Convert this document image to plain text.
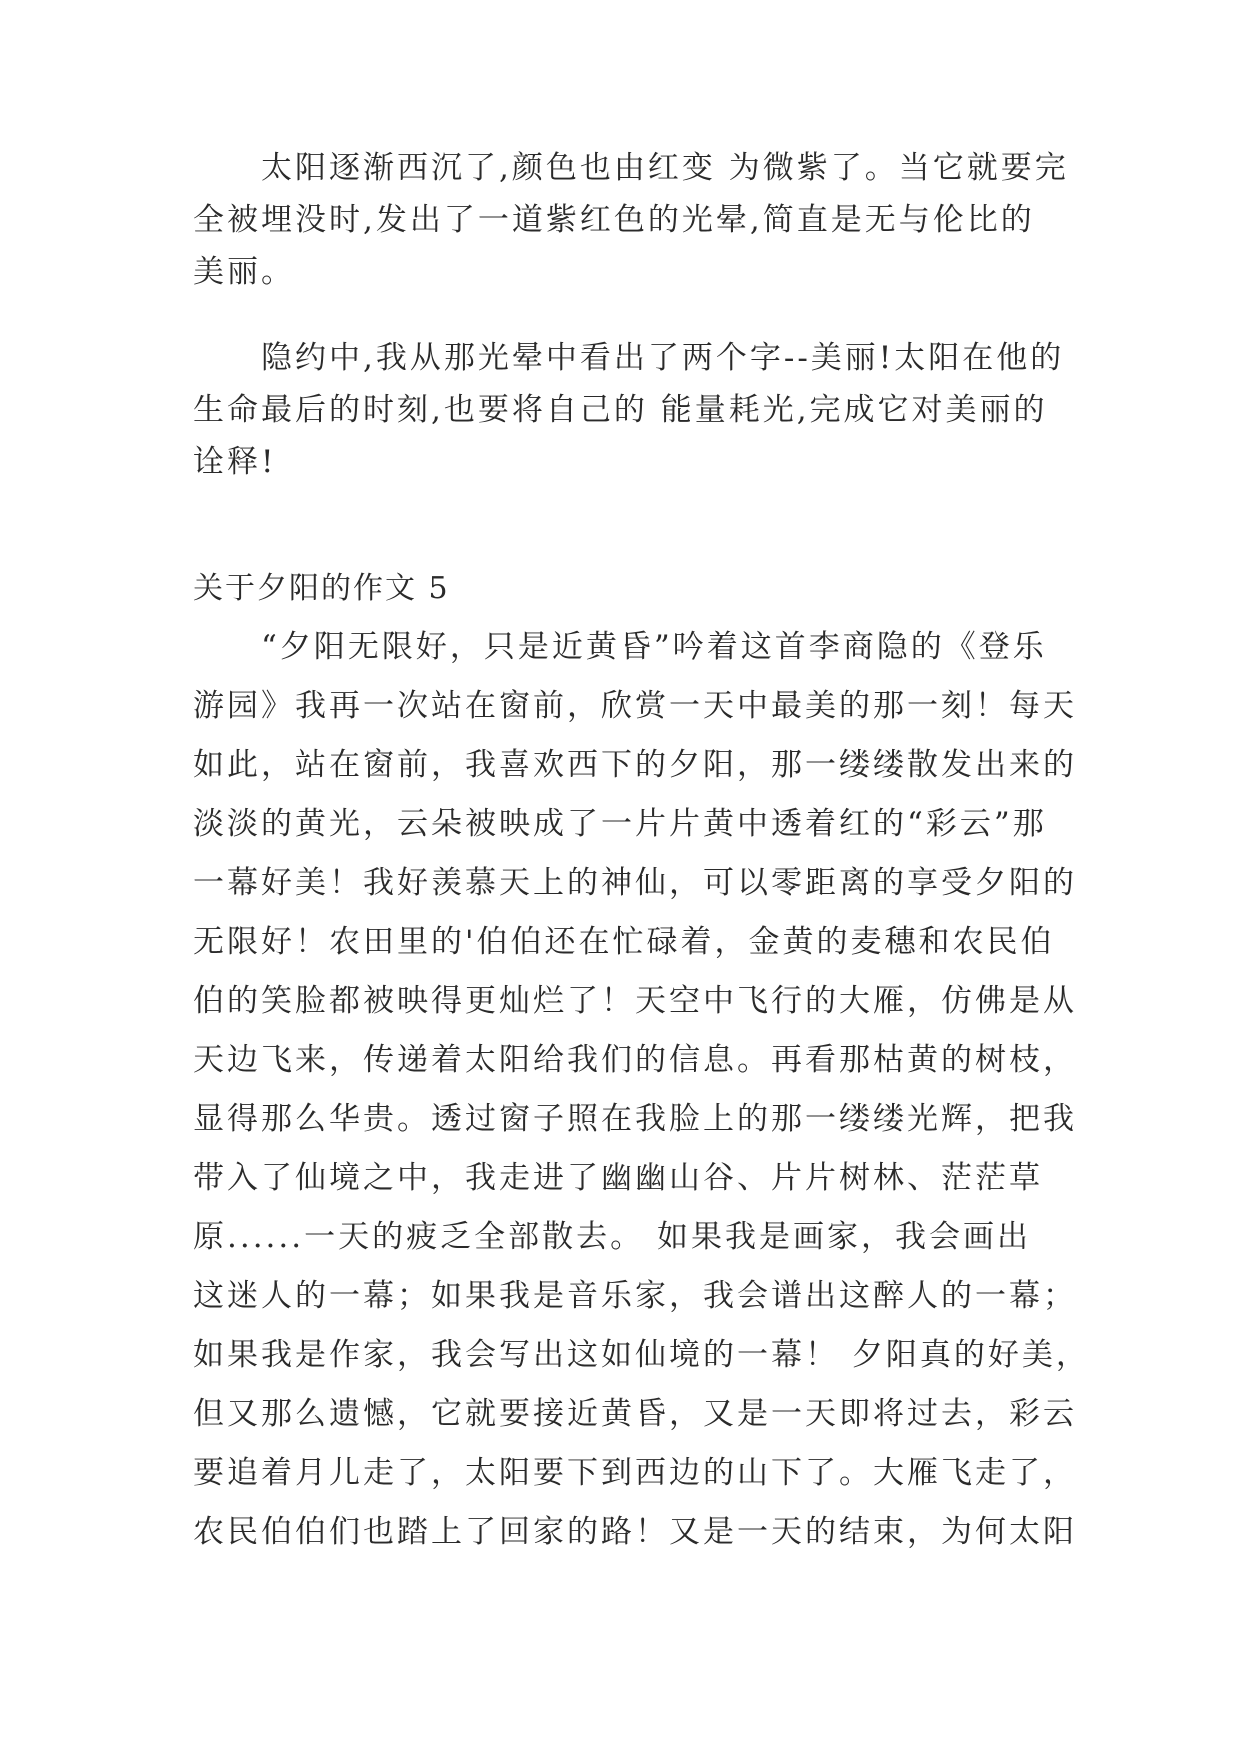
　　太阳逐渐西沉了,颜色也由红变 为微紫了。当它就要完
全被埋没时,发出了一道紫红色的光晕,简直是无与伦比的
美丽。
　　隐约中,我从那光晕中看出了两个字--美丽!太阳在他的
生命最后的时刻,也要将自己的 能量耗光,完成它对美丽的
诠释!
关于夕阳的作文 5
　　“夕阳无限好，只是近黄昏”吟着这首李商隐的《登乐
游园》我再一次站在窗前，欣赏一天中最美的那一刻！每天
如此，站在窗前，我喜欢西下的夕阳，那一缕缕散发出来的
淡淡的黄光，云朵被映成了一片片黄中透着红的“彩云”那
一幕好美！我好羡慕天上的神仙，可以零距离的享受夕阳的
无限好！农田里的'伯伯还在忙碌着，金黄的麦穗和农民伯
伯的笑脸都被映得更灿烂了！天空中飞行的大雁，仿佛是从
天边飞来，传递着太阳给我们的信息。再看那枯黄的树枝，
显得那么华贵。透过窗子照在我脸上的那一缕缕光辉，把我
带入了仙境之中，我走进了幽幽山谷、片片树林、茫茫草
原......一天的疲乏全部散去。 如果我是画家，我会画出
这迷人的一幕；如果我是音乐家，我会谱出这醉人的一幕；
如果我是作家，我会写出这如仙境的一幕！ 夕阳真的好美，
但又那么遗憾，它就要接近黄昏，又是一天即将过去，彩云
要追着月儿走了，太阳要下到西边的山下了。大雁飞走了，
农民伯伯们也踏上了回家的路！又是一天的结束，为何太阳
